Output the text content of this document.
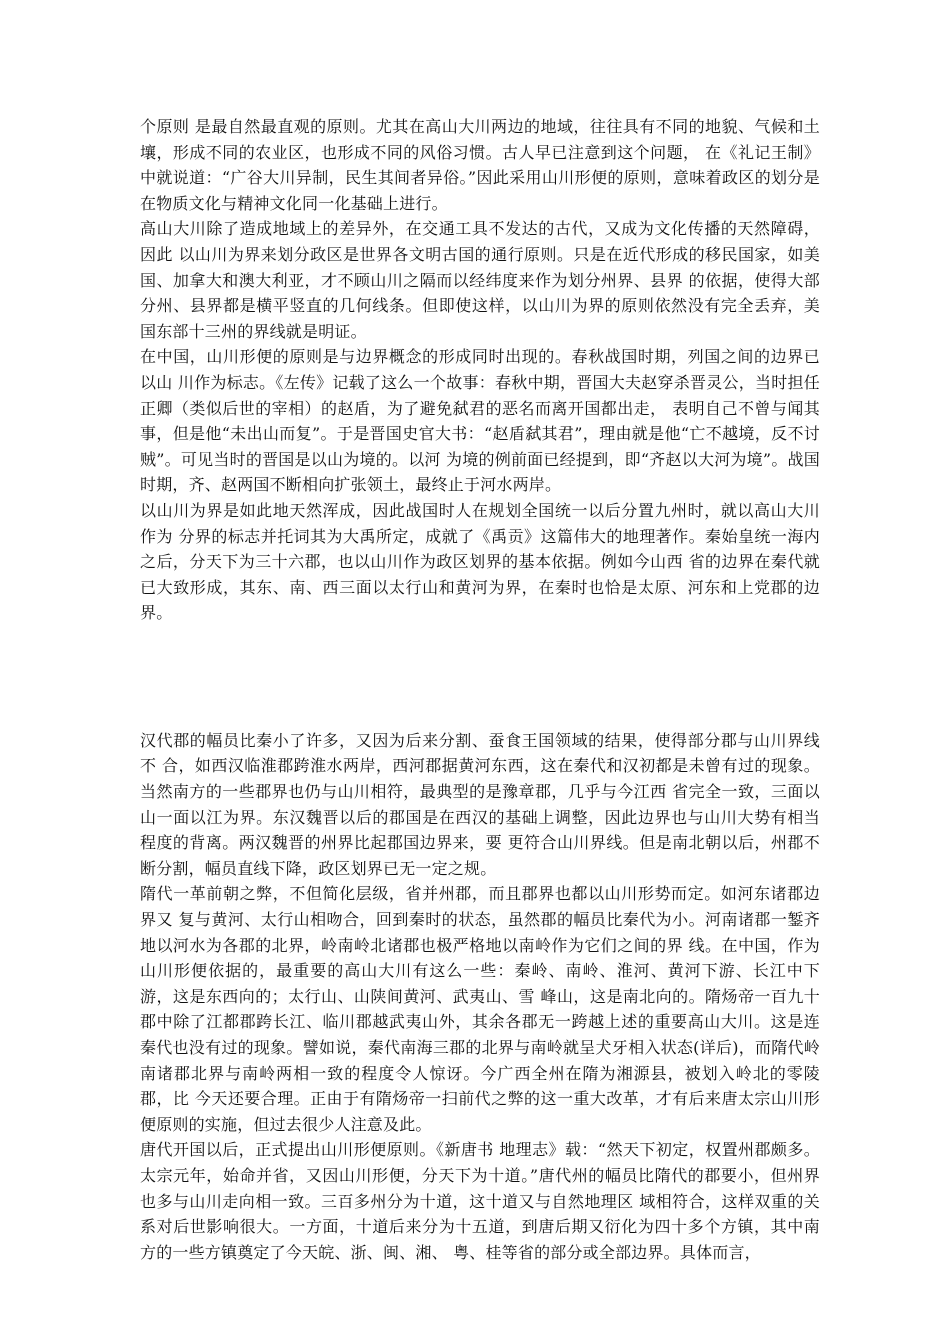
个原则 是最自然最直观的原则。尤其在高山大川两边的地域，往往具有不同的地貌、气候和土壤，形成不同的农业区，也形成不同的风俗习惯。古人早已注意到这个问题， 在《礼记王制》中就说道：“广谷大川异制，民生其间者异俗。”因此采用山川形便的原则，意味着政区的划分是在物质文化与精神文化同一化基础上进行。

高山大川除了造成地域上的差异外，在交通工具不发达的古代，又成为文化传播的天然障碍，因此 以山川为界来划分政区是世界各文明古国的通行原则。只是在近代形成的移民国家，如美国、加拿大和澳大利亚，才不顾山川之隔而以经纬度来作为划分州界、县界 的依据，使得大部分州、县界都是横平竖直的几何线条。但即使这样，以山川为界的原则依然没有完全丢弃，美国东部十三州的界线就是明证。

在中国，山川形便的原则是与边界概念的形成同时出现的。春秋战国时期，列国之间的边界已以山 川作为标志。《左传》记载了这么一个故事：春秋中期，晋国大夫赵穿杀晋灵公，当时担任正卿（类似后世的宰相）的赵盾，为了避免弑君的恶名而离开国都出走， 表明自己不曾与闻其事，但是他“未出山而复”。于是晋国史官大书：“赵盾弑其君”，理由就是他“亡不越境，反不讨贼”。可见当时的晋国是以山为境的。以河 为境的例前面已经提到，即“齐赵以大河为境”。战国时期，齐、赵两国不断相向扩张领土，最终止于河水两岸。

以山川为界是如此地天然浑成，因此战国时人在规划全国统一以后分置九州时，就以高山大川作为 分界的标志并托词其为大禹所定，成就了《禹贡》这篇伟大的地理著作。秦始皇统一海内之后，分天下为三十六郡，也以山川作为政区划界的基本依据。例如今山西 省的边界在秦代就已大致形成，其东、南、西三面以太行山和黄河为界，在秦时也恰是太原、河东和上党郡的边界。

汉代郡的幅员比秦小了许多，又因为后来分割、蚕食王国领域的结果，使得部分郡与山川界线不 合，如西汉临淮郡跨淮水两岸，西河郡据黄河东西，这在秦代和汉初都是未曾有过的现象。当然南方的一些郡界也仍与山川相符，最典型的是豫章郡，几乎与今江西 省完全一致，三面以山一面以江为界。东汉魏晋以后的郡国是在西汉的基础上调整，因此边界也与山川大势有相当程度的背离。两汉魏晋的州界比起郡国边界来，要 更符合山川界线。但是南北朝以后，州郡不断分割，幅员直线下降，政区划界已无一定之规。

隋代一革前朝之弊，不但简化层级，省并州郡，而且郡界也都以山川形势而定。如河东诸郡边界又 复与黄河、太行山相吻合，回到秦时的状态，虽然郡的幅员比秦代为小。河南诸郡一錾齐地以河水为各郡的北界，岭南岭北诸郡也极严格地以南岭作为它们之间的界 线。在中国，作为山川形便依据的，最重要的高山大川有这么一些：秦岭、南岭、淮河、黄河下游、长江中下游，这是东西向的；太行山、山陕间黄河、武夷山、雪 峰山，这是南北向的。隋炀帝一百九十郡中除了江都郡跨长江、临川郡越武夷山外，其余各郡无一跨越上述的重要高山大川。这是连秦代也没有过的现象。譬如说，秦代南海三郡的北界与南岭就呈犬牙相入状态(详后)，而隋代岭南诸郡北界与南岭两相一致的程度令人惊讶。今广西全州在隋为湘源县，被划入岭北的零陵郡，比 今天还要合理。正由于有隋炀帝一扫前代之弊的这一重大改革，才有后来唐太宗山川形便原则的实施，但过去很少人注意及此。

唐代开国以后，正式提出山川形便原则。《新唐书 地理志》载：“然天下初定，权置州郡颇多。太宗元年，始命并省，又因山川形便，分天下为十道。”唐代州的幅员比隋代的郡要小，但州界也多与山川走向相一致。三百多州分为十道，这十道又与自然地理区 域相符合，这样双重的关系对后世影响很大。一方面，十道后来分为十五道，到唐后期又衍化为四十多个方镇，其中南方的一些方镇奠定了今天皖、浙、闽、湘、 粤、桂等省的部分或全部边界。具体而言，
